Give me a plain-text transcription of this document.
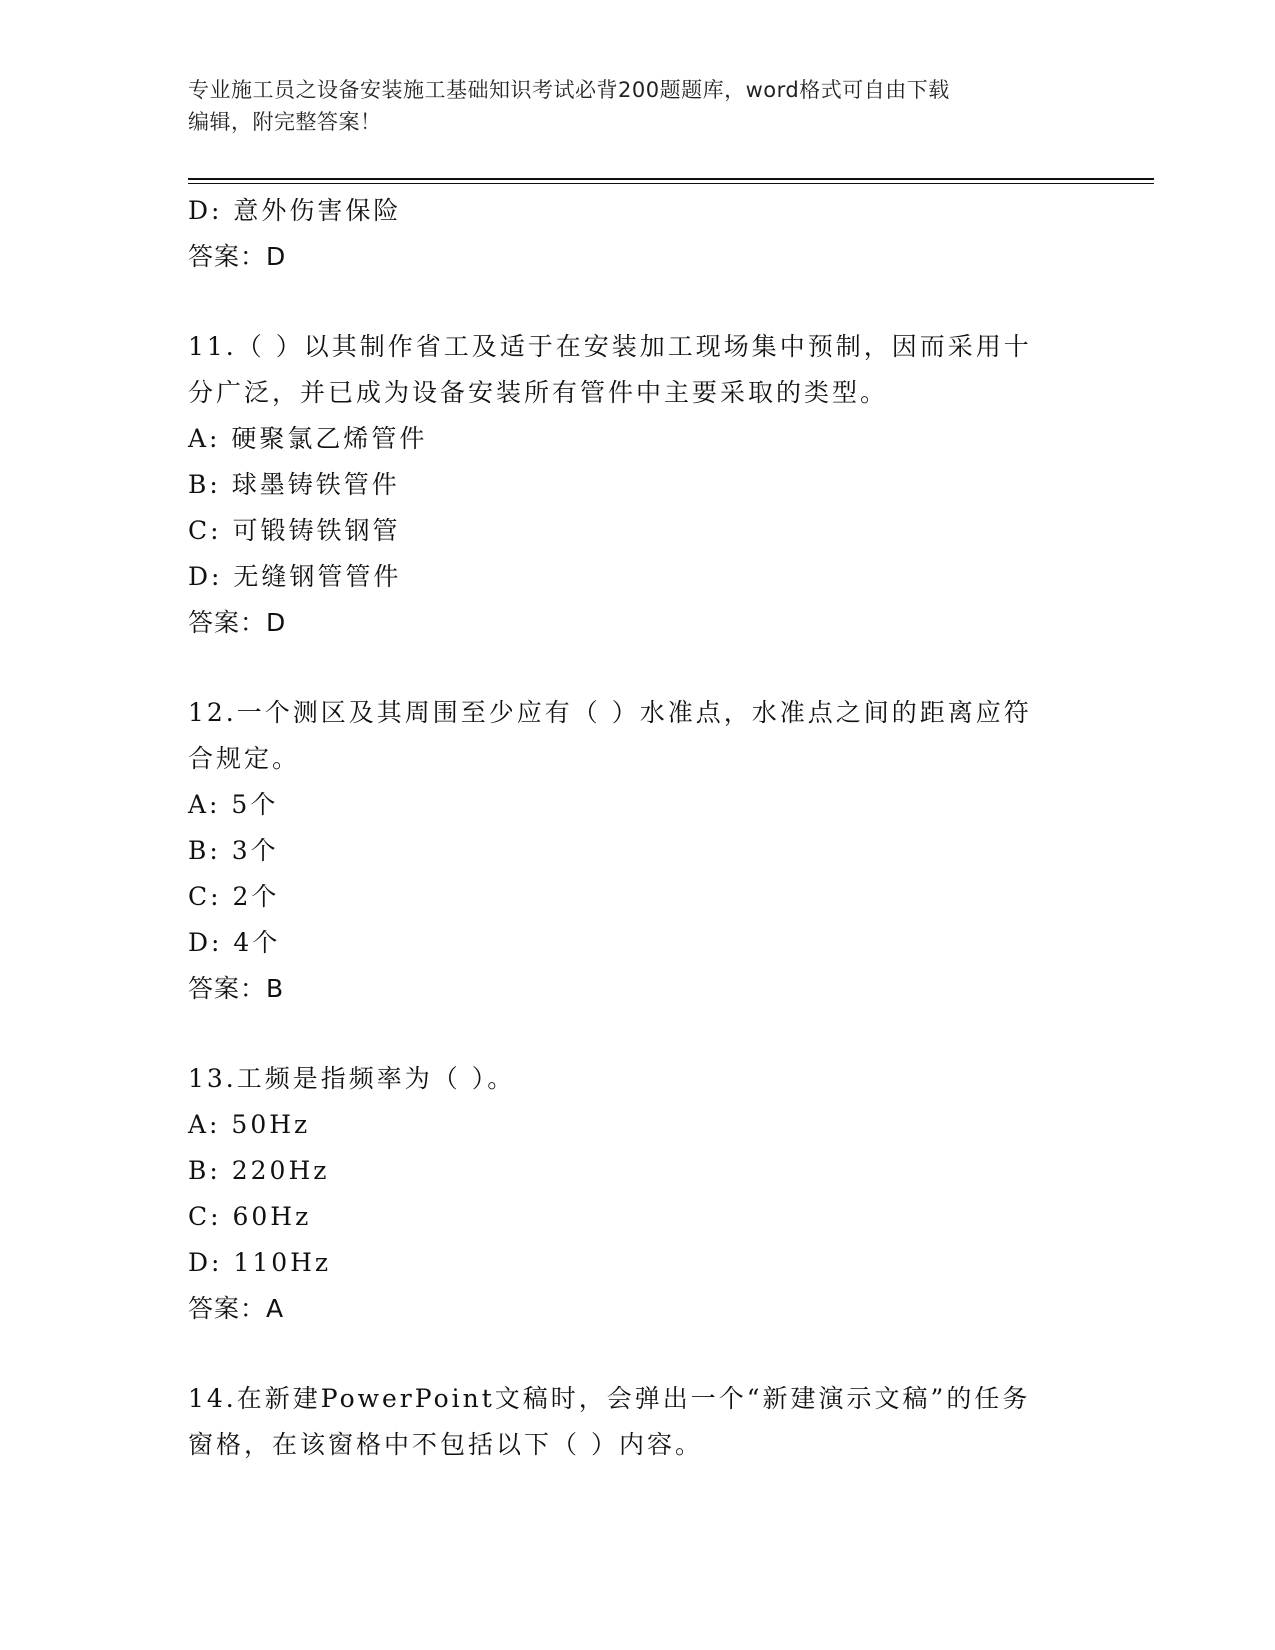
专业施工员之设备安装施工基础知识考试必背200题题库，word格式可自由下载
编辑，附完整答案！
D: 意外伤害保险
答案：D
11.（ ）以其制作省工及适于在安装加工现场集中预制，因而采用十
分广泛，并已成为设备安装所有管件中主要采取的类型。
A: 硬聚氯乙烯管件
B: 球墨铸铁管件
C: 可锻铸铁钢管
D: 无缝钢管管件
答案：D
12.一个测区及其周围至少应有（ ）水准点，水准点之间的距离应符
合规定。
A: 5个
B: 3个
C: 2个
D: 4个
答案：B
13.工频是指频率为（ ）。
A: 50Hz
B: 220Hz
C: 60Hz
D: 110Hz
答案：A
14.在新建PowerPoint文稿时，会弹出一个“新建演示文稿”的任务
窗格，在该窗格中不包括以下（ ）内容。
